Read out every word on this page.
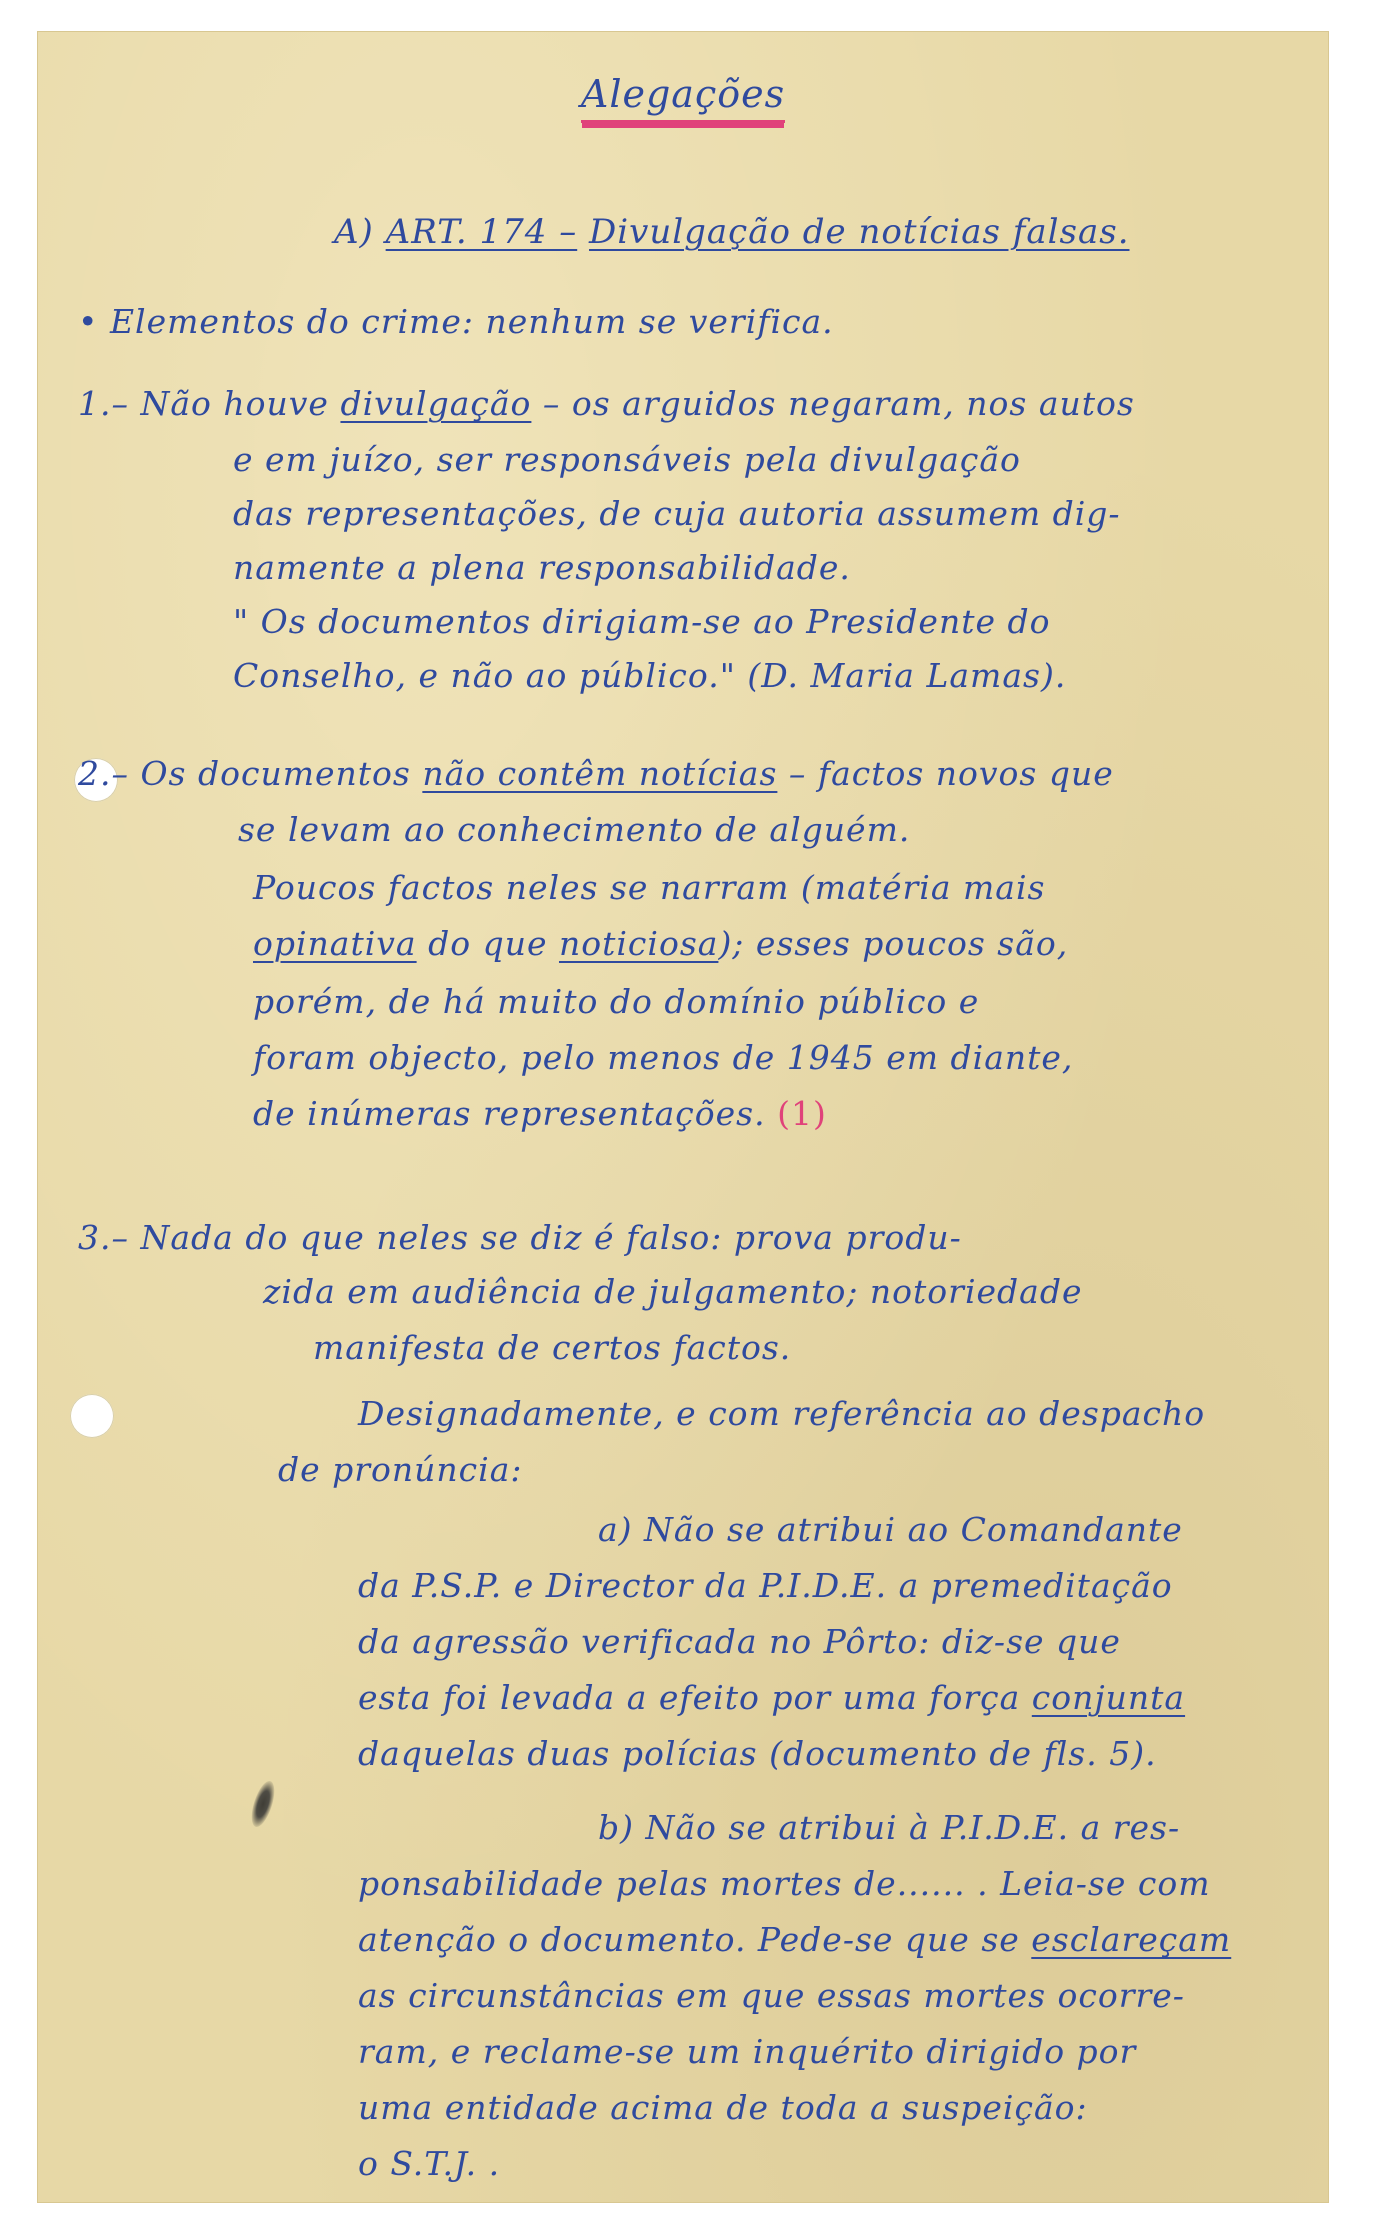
Alegações
A) ART. 174 – Divulgação de notícias falsas.
• Elementos do crime: nenhum se verifica.
1.– Não houve divulgação – os arguidos negaram, nos autos
e em juízo, ser responsáveis pela divulgação
das representações, de cuja autoria assumem dig-
namente a plena responsabilidade.
" Os documentos dirigiam-se ao Presidente do
Conselho, e não ao público." (D. Maria Lamas).
2.– Os documentos não contêm notícias – factos novos que
se levam ao conhecimento de alguém.
Poucos factos neles se narram (matéria mais
opinativa do que noticiosa); esses poucos são,
porém, de há muito do domínio público e
foram objecto, pelo menos de 1945 em diante,
de inúmeras representações. (1)
3.– Nada do que neles se diz é falso: prova produ-
zida em audiência de julgamento; notoriedade
manifesta de certos factos.
Designadamente, e com referência ao despacho
de pronúncia:
a) Não se atribui ao Comandante
da P.S.P. e Director da P.I.D.E. a premeditação
da agressão verificada no Pôrto: diz-se que
esta foi levada a efeito por uma força conjunta
daquelas duas polícias (documento de fls. 5).
b) Não se atribui à P.I.D.E. a res-
ponsabilidade pelas mortes de...... . Leia-se com
atenção o documento. Pede-se que se esclareçam
as circunstâncias em que essas mortes ocorre-
ram, e reclame-se um inquérito dirigido por
uma entidade acima de toda a suspeição:
o S.T.J. .
